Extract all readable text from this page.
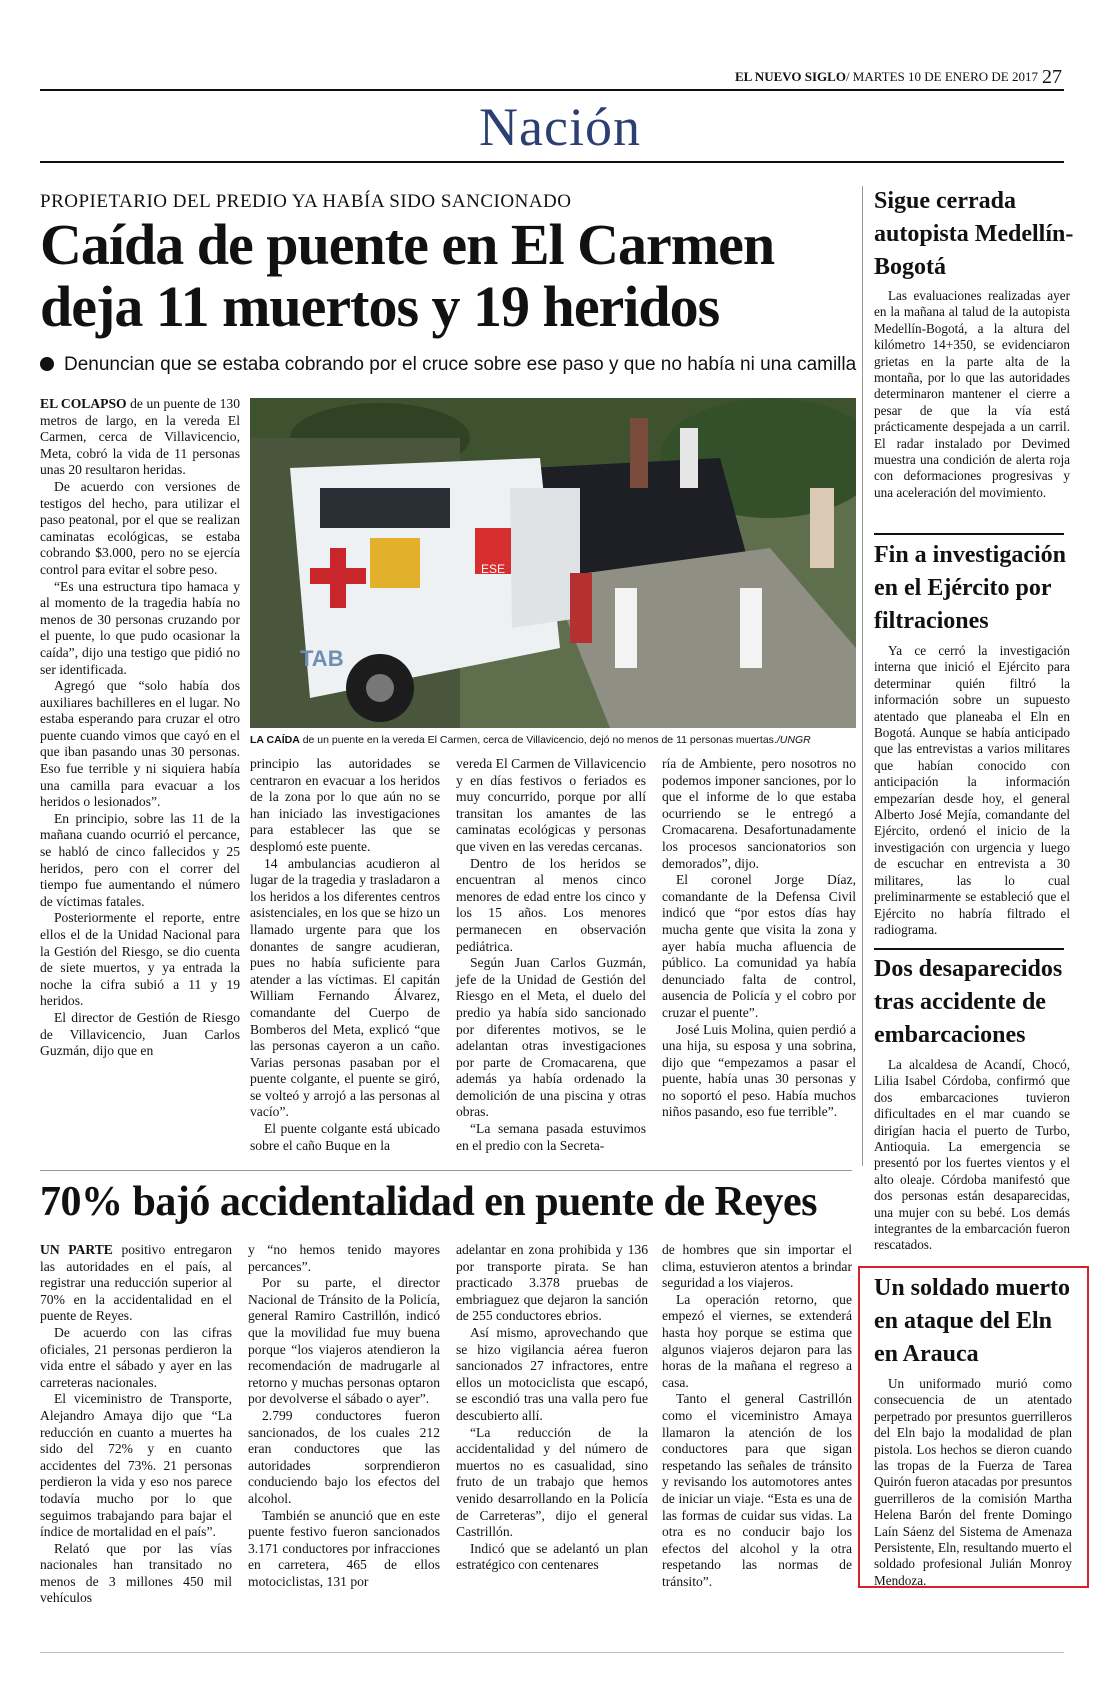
EL NUEVO SIGLO/ MARTES 10 DE ENERO DE 2017 27
Nación
PROPIETARIO DEL PREDIO YA HABÍA SIDO SANCIONADO
Caída de puente en El Carmen deja 11 muertos y 19 heridos
Denuncian que se estaba cobrando por el cruce sobre ese paso y que no había ni una camilla

EL COLAPSO de un puente de 130 metros de largo, en la vereda El Carmen, cerca de Villavicencio, Meta, cobró la vida de 11 personas unas 20 resultaron heridas.

De acuerdo con versiones de testigos del hecho, para utilizar el paso peatonal, por el que se realizan caminatas ecológicas, se estaba cobrando $3.000, pero no se ejercía control para evitar el sobre peso.

“Es una estructura tipo hamaca y al momento de la tragedia había no menos de 30 personas cruzando por el puente, lo que pudo ocasionar la caída”, dijo una testigo que pidió no ser identificada.

Agregó que “solo había dos auxiliares bachilleres en el lugar. No estaba esperando para cruzar el otro puente cuando vimos que cayó en el que iban pasando unas 30 personas. Eso fue terrible y ni siquiera había una camilla para evacuar a los heridos o lesionados”.

En principio, sobre las 11 de la mañana cuando ocurrió el percance, se habló de cinco fallecidos y 25 heridos, pero con el correr del tiempo fue aumentando el número de víctimas fatales.

Posteriormente el reporte, entre ellos el de la Unidad Nacional para la Gestión del Riesgo, se dio cuenta de siete muertos, y ya entrada la noche la cifra subió a 11 y 19 heridos.

El director de Gestión de Riesgo de Villavicencio, Juan Carlos Guzmán, dijo que en

ESE
TAB
LA CAÍDA de un puente en la vereda El Carmen, cerca de Villavicencio, dejó no menos de 11 personas muertas./UNGR

principio las autoridades se centraron en evacuar a los heridos de la zona por lo que aún no se han iniciado las investigaciones para establecer las que se desplomó este puente.

14 ambulancias acudieron al lugar de la tragedia y trasladaron a los heridos a los diferentes centros asistenciales, en los que se hizo un llamado urgente para que los donantes de sangre acudieran, pues no había suficiente para atender a las víctimas. El capitán William Fernando Álvarez, comandante del Cuerpo de Bomberos del Meta, explicó “que las personas cayeron a un caño. Varias personas pasaban por el puente colgante, el puente se giró, se volteó y arrojó a las personas al vacío”.

El puente colgante está ubicado sobre el caño Buque en la

vereda El Carmen de Villavicencio y en días festivos o feriados es muy concurrido, porque por allí transitan los amantes de las caminatas ecológicas y personas que viven en las veredas cercanas.

Dentro de los heridos se encuentran al menos cinco menores de edad entre los cinco y los 15 años. Los menores permanecen en observación pediátrica.

Según Juan Carlos Guzmán, jefe de la Unidad de Gestión del Riesgo en el Meta, el duelo del predio ya había sido sancionado por diferentes motivos, se le adelantan otras investigaciones por parte de Cromacarena, que además ya había ordenado la demolición de una piscina y otras obras.

“La semana pasada estuvimos en el predio con la Secreta-

ría de Ambiente, pero nosotros no podemos imponer sanciones, por lo que el informe de lo que estaba ocurriendo se le entregó a Cromacarena. Desafortunadamente los procesos sancionatorios son demorados”, dijo.

El coronel Jorge Díaz, comandante de la Defensa Civil indicó que “por estos días hay mucha gente que visita la zona y ayer había mucha afluencia de público. La comunidad ya había denunciado falta de control, ausencia de Policía y el cobro por cruzar el puente”.

José Luis Molina, quien perdió a una hija, su esposa y una sobrina, dijo que “empezamos a pasar el puente, había unas 30 personas y no soportó el peso. Había muchos niños pasando, eso fue terrible”.

Sigue cerrada autopista Medellín-Bogotá

Las evaluaciones realizadas ayer en la mañana al talud de la autopista Medellín-Bogotá, a la altura del kilómetro 14+350, se evidenciaron grietas en la parte alta de la montaña, por lo que las autoridades determinaron mantener el cierre a pesar de que la vía está prácticamente despejada a un carril. El radar instalado por Devimed muestra una condición de alerta roja con deformaciones progresivas y una aceleración del movimiento.

Fin a investigación en el Ejército por filtraciones

Ya ce cerró la investigación interna que inició el Ejército para determinar quién filtró la información sobre un supuesto atentado que planeaba el Eln en Bogotá. Aunque se había anticipado que las entrevistas a varios militares que habían conocido con anticipación la información empezarían desde hoy, el general Alberto José Mejía, comandante del Ejército, ordenó el inicio de la investigación con urgencia y luego de escuchar en entrevista a 30 militares, las lo cual preliminarmente se estableció que el Ejército no habría filtrado el radiograma.

Dos desaparecidos tras accidente de embarcaciones

La alcaldesa de Acandí, Chocó, Lilia Isabel Córdoba, confirmó que dos embarcaciones tuvieron dificultades en el mar cuando se dirigían hacia el puerto de Turbo, Antioquia. La emergencia se presentó por los fuertes vientos y el alto oleaje. Córdoba manifestó que dos personas están desaparecidas, una mujer con su bebé. Los demás integrantes de la embarcación fueron rescatados.

Un soldado muerto en ataque del Eln en Arauca

Un uniformado murió como consecuencia de un atentado perpetrado por presuntos guerrilleros del Eln bajo la modalidad de plan pistola. Los hechos se dieron cuando las tropas de la Fuerza de Tarea Quirón fueron atacadas por presuntos guerrilleros de la comisión Martha Helena Barón del frente Domingo Laín Sáenz del Sistema de Amenaza Persistente, Eln, resultando muerto el soldado profesional Julián Monroy Mendoza.

70% bajó accidentalidad en puente de Reyes

UN PARTE positivo entregaron las autoridades en el país, al registrar una reducción superior al 70% en la accidentalidad en el puente de Reyes.

De acuerdo con las cifras oficiales, 21 personas perdieron la vida entre el sábado y ayer en las carreteras nacionales.

El viceministro de Transporte, Alejandro Amaya dijo que “La reducción en cuanto a muertes ha sido del 72% y en cuanto accidentes del 73%. 21 personas perdieron la vida y eso nos parece todavía mucho por lo que seguimos trabajando para bajar el índice de mortalidad en el país”.

Relató que por las vías nacionales han transitado no menos de 3 millones 450 mil vehículos

y “no hemos tenido mayores percances”.

Por su parte, el director Nacional de Tránsito de la Policía, general Ramiro Castrillón, indicó que la movilidad fue muy buena porque “los viajeros atendieron la recomendación de madrugarle al retorno y muchas personas optaron por devolverse el sábado o ayer”.

2.799 conductores fueron sancionados, de los cuales 212 eran conductores que las autoridades sorprendieron conduciendo bajo los efectos del alcohol.

También se anunció que en este puente festivo fueron sancionados 3.171 conductores por infracciones en carretera, 465 de ellos motociclistas, 131 por

adelantar en zona prohibida y 136 por transporte pirata. Se han practicado 3.378 pruebas de embriaguez que dejaron la sanción de 255 conductores ebrios.

Así mismo, aprovechando que se hizo vigilancia aérea fueron sancionados 27 infractores, entre ellos un motociclista que escapó, se escondió tras una valla pero fue descubierto allí.

“La reducción de la accidentalidad y del número de muertos no es casualidad, sino fruto de un trabajo que hemos venido desarrollando en la Policía de Carreteras”, dijo el general Castrillón.

Indicó que se adelantó un plan estratégico con centenares

de hombres que sin importar el clima, estuvieron atentos a brindar seguridad a los viajeros.

La operación retorno, que empezó el viernes, se extenderá hasta hoy porque se estima que algunos viajeros dejaron para las horas de la mañana el regreso a casa.

Tanto el general Castrillón como el viceministro Amaya llamaron la atención de los conductores para que sigan respetando las señales de tránsito y revisando los automotores antes de iniciar un viaje. “Esta es una de las formas de cuidar sus vidas. La otra es no conducir bajo los efectos del alcohol y la otra respetando las normas de tránsito”.
